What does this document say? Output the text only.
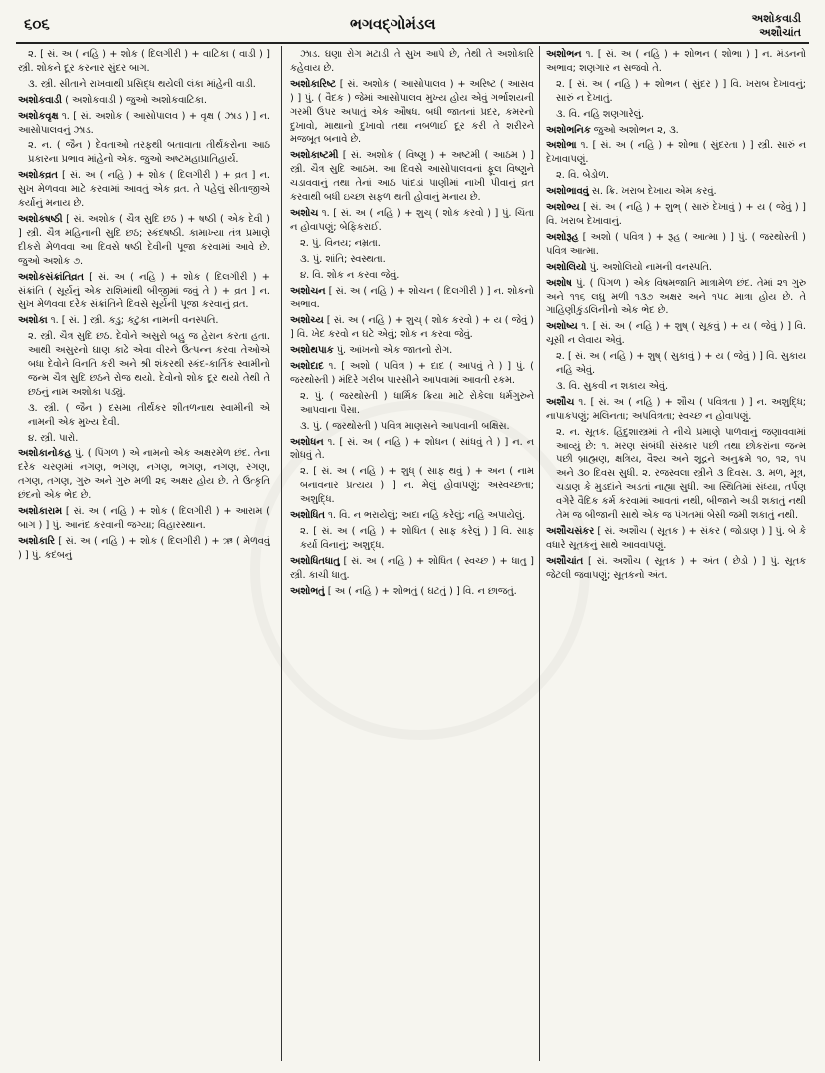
૬૦૬	ભગવદ્ગોમંડલ	અશોકવાડી
અશૌચાંત

૨. [ સં. અ ( નહિ ) + શોક ( દિલગીરી ) + વાટિકા ( વાડી ) ] સ્ત્રી. શોકને દૂર કરનાર સુંદર બાગ.

૩. સ્ત્રી. સીતાને રાખવાથી પ્રસિદ્ધ થયેલી લંકા માંહેની વાડી.

અશોકવાડી ( અશોકવાડી ) જુઓ અશોકવાટિકા.

અશોકવૃક્ષ ૧. [ સં. અશોક ( આસોપાલવ ) + વૃક્ષ ( ઝાડ ) ] ન. આસોપાલવનું ઝાડ.

૨. ન. ( જૈન ) દેવતાઓ તરફથી બતાવાતા તીર્થંકરોના આઠ પ્રકારના પ્રભાવ માંહેનો એક. જુઓ અષ્ટમહાપ્રાતિહાર્ય.

અશોકવ્રત [ સં. અ ( નહિ ) + શોક ( દિલગીરી ) + વ્રત ] ન. સુખ મેળવવા માટે કરવામાં આવતું એક વ્રત. તે પહેલું સીતાજીએ કર્યાનું મનાય છે.

અશોકષષ્ઠી [ સં. અશોક ( ચૈત્ર સુદિ છઠ ) + ષષ્ઠી ( એક દેવી ) ] સ્ત્રી. ચૈત્ર મહિનાની સુદિ છઠ; સ્કંદષષ્ઠી. કામાખ્યા તંત્ર પ્રમાણે દીકરો મેળવવા આ દિવસે ષષ્ઠી દેવીની પૂજા કરવામાં આવે છે. જુઓ અશોક ૭.

અશોકસંક્રાંતિવ્રત [ સં. અ ( નહિ ) + શોક ( દિલગીરી ) + સંક્રાંતિ ( સૂર્યનું એક રાશિમાંથી બીજીમાં જવું તે ) + વ્રત ] ન. સુખ મેળવવા દરેક સંક્રાંતિને દિવસે સૂર્યની પૂજા કરવાનું વ્રત.

અશોકા ૧. [ સં. ] સ્ત્રી. કડુ; કટુકા નામની વનસ્પતિ.

૨. સ્ત્રી. ચૈત્ર સુદિ છઠ. દેવોને અસુરો બહુ જ હેરાન કરતા હતા. આથી અસુરનો ઘાણ કાઢે એવા વીરને ઉત્પન્ન કરવા તેઓએ બધા દેવોને વિનતિ કરી અને શ્રી શંકરથી સ્કંદ-કાર્તિક સ્વામીનો જન્મ ચૈત્ર સુદિ છઠને રોજ થયો. દેવોનો શોક દૂર થયો તેથી તે છઠનું નામ અશોકા પડ્યું.

૩. સ્ત્રી. ( જૈન ) દસમા તીર્થંકર શીતળનાથ સ્વામીની એ નામની એક મુખ્ય દેવી.

૪. સ્ત્રી. પારો.

અશોકાનોકહ પું. ( પિંગળ ) એ નામનો એક અક્ષરમેળ છંદ. તેના દરેક ચરણમાં નગણ, ભગણ, નગણ, ભગણ, નગણ, રગણ, તગણ, તગણ, ગુરુ અને ગુરુ મળી ૨૬ અક્ષર હોય છે. તે ઉત્કૃતિ છંદનો એક ભેદ છે.

અશોકારામ [ સં. અ ( નહિ ) + શોક ( દિલગીરી ) + આરામ ( બાગ ) ] પું. આનંદ કરવાની જગ્યા; વિહારસ્થાન.

અશોકારિ [ સં. અ ( નહિ ) + શોક ( દિલગીરી ) + ઋ ( મેળવવું ) ] પું. કદંબનું

ઝાડ. ઘણા રોગ મટાડી તે સુખ આપે છે, તેથી તે અશોકારિ કહેવાય છે.

અશોકારિષ્ટ [ સં. અશોક ( આસોપાલવ ) + અરિષ્ટ ( આસવ ) ] પું. ( વૈદક ) જેમાં આસોપાલવ મુખ્ય હોય એવું ગર્ભાશયની ગરમી ઉપર અપાતું એક ઔષધ. બધી જાતનાં પ્રદર, કમરનો દુખાવો, માથાનો દુખાવો તથા નબળાઈ દૂર કરી તે શરીરને મજબૂત બનાવે છે.

અશોકાષ્ટમી [ સં. અશોક ( વિષ્ણુ ) + અષ્ટમી ( આઠમ ) ] સ્ત્રી. ચૈત્ર સુદિ આઠમ. આ દિવસે આસોપાલવનાં ફૂલ વિષ્ણુને ચડાવવાનું તથા તેનાં આઠ પાંદડાં પાણીમાં નાખી પીવાનું વ્રત કરવાથી બધી ઇચ્છા સફળ થતી હોવાનું મનાય છે.

અશોચ ૧. [ સં. અ ( નહિ ) + શુચ્ ( શોક કરવો ) ] પું. ચિંતા ન હોવાપણું; બેફિકરાઈ.

૨. પું. વિનય; નમ્રતા.

૩. પું. શાંતિ; સ્વસ્થતા.

૪. વિ. શોક ન કરવા જેવું.

અશોચન [ સં. અ ( નહિ ) + શોચન ( દિલગીરી ) ] ન. શોકનો અભાવ.

અશોચ્ય [ સં. અ ( નહિ ) + શુચ્ ( શોક કરવો ) + ય ( જેવું ) ] વિ. ખેદ કરવો ન ઘટે એવું; શોક ન કરવા જેવું.

અશોથપાક પું. આંખનો એક જાતનો રોગ.

અશોદાદ ૧. [ અશો ( પવિત્ર ) + દાદ ( આપવું તે ) ] પું. ( જરથોસ્તી ) મંદિરે ગરીબ પારસીને આપવામાં આવતી રકમ.

૨. પું. ( જરથોસ્તી ) ધાર્મિક ક્રિયા માટે રોકેલા ધર્મગુરુને આપવાના પૈસા.

૩. પું. ( જરથોસ્તી ) પવિત્ર માણસને આપવાની બક્ષિસ.

અશોધન ૧. [ સં. અ ( નહિ ) + શોધન ( સાંધવું તે ) ] ન. ન શોધવું તે.

૨. [ સં. અ ( નહિ ) + શુધ્ ( સાફ થવું ) + અન ( નામ બનાવનાર પ્રત્યય ) ] ન. મેલું હોવાપણું; અસ્વચ્છતા; અશુદ્ધિ.

અશોધિત ૧. વિ. ન ભરાયેલું; અદા નહિ કરેલું; નહિ અપાયેલું.

૨. [ સં. અ ( નહિ ) + શોધિત ( સાફ કરેલું ) ] વિ. સાફ કર્યા વિનાનું; અશુદ્ધ.

અશોધિતધાતુ [ સં. અ ( નહિ ) + શોધિત ( સ્વચ્છ ) + ધાતુ ] સ્ત્રી. કાચી ધાતુ.

અશોભતું [ અ ( નહિ ) + શોભતું ( ઘટતું ) ] વિ. ન છાજતું.

અશોભન ૧. [ સં. અ ( નહિ ) + શોભન ( શોભા ) ] ન. મંડનનો અભાવ; શણગાર ન સજવો તે.

૨. [ સં. અ ( નહિ ) + શોભન ( સુંદર ) ] વિ. ખરાબ દેખાવનું; સારું ન દેખાતું.

૩. વિ. નહિ શણગારેલું.

અશોભનિક જુઓ અશોભન ૨, ૩.

અશોભા ૧. [ સં. અ ( નહિ ) + શોભા ( સુંદરતા ) ] સ્ત્રી. સારું ન દેખાવાપણું.

૨. વિ. બેડોળ.

અશોભાવવું સ. ક્રિ. ખરાબ દેખાય એમ કરવું.

અશોભ્ય [ સં. અ ( નહિ ) + શુભ્ ( સારું દેખાવું ) + ય ( જેવું ) ] વિ. ખરાબ દેખાવાનું.

અશોરૂહ [ અશો ( પવિત્ર ) + રૂહ ( આત્મા ) ] પું. ( જરથોસ્તી ) પવિત્ર આત્મા.

અશોલિયો પું. અશોલિયો નામની વનસ્પતિ.

અશોષ પું. ( પિંગળ ) એક વિષમજાતિ માત્રામેળ છંદ. તેમાં ૨૧ ગુરુ અને ૧૧૬ લઘુ મળી ૧૩૭ અક્ષર અને ૧૫૮ માત્રા હોય છે. તે ગાહિણીકુંડલિનીનો એક ભેદ છે.

અશોષ્ય ૧. [ સં. અ ( નહિ ) + શુષ્ ( સૂકવું ) + ય ( જેવું ) ] વિ. ચૂસી ન લેવાય એવું.

૨. [ સં. અ ( નહિ ) + શુષ્ ( સુકાવું ) + ય ( જેવું ) ] વિ. સુકાય નહિ એવું.

૩. વિ. સુકવી ન શકાય એવું.

અશૌચ ૧. [ સં. અ ( નહિ ) + શૌચ ( પવિત્રતા ) ] ન. અશુદ્ધિ; નાપાકપણું; મલિનતા; અપવિત્રતા; સ્વચ્છ ન હોવાપણું.

૨. ન. સૂતક. હિંદુશાસ્ત્રમાં તે નીચે પ્રમાણે પાળવાનું જણાવવામાં આવ્યું છે: ૧. મરણ સંબંધી સંસ્કાર પછી તથા છોકરાંના જન્મ પછી બ્રાહ્મણ, ક્ષત્રિય, વૈશ્ય અને શૂદ્રને અનુક્રમે ૧૦, ૧૨, ૧૫ અને ૩૦ દિવસ સુધી. ૨. રજસ્વલા સ્ત્રીને ૩ દિવસ. ૩. મળ, મૂત્ર, ચડાણ કે મુડદાંને અડતાં નાહ્યા સુધી. આ સ્થિતિમાં સંધ્યા, તર્પણ વગેરે વૈદિક કર્મ કરવામાં આવતાં નથી, બીજાને અડી શકાતું નથી તેમ જ બીજાની સાથે એક જ પંગતમાં બેસી જમી શકાતું નથી.

અશૌચસંકર [ સં. અશૌચ ( સૂતક ) + સંકર ( જોડાણ ) ] પું. બે કે વધારે સૂતકનું સાથે આવવાપણું.

અશૌચાંત [ સં. અશૌચ ( સૂતક ) + અંત ( છેડો ) ] પું. સૂતક જેટલી જવાપણું; સૂતકનો અંત.
